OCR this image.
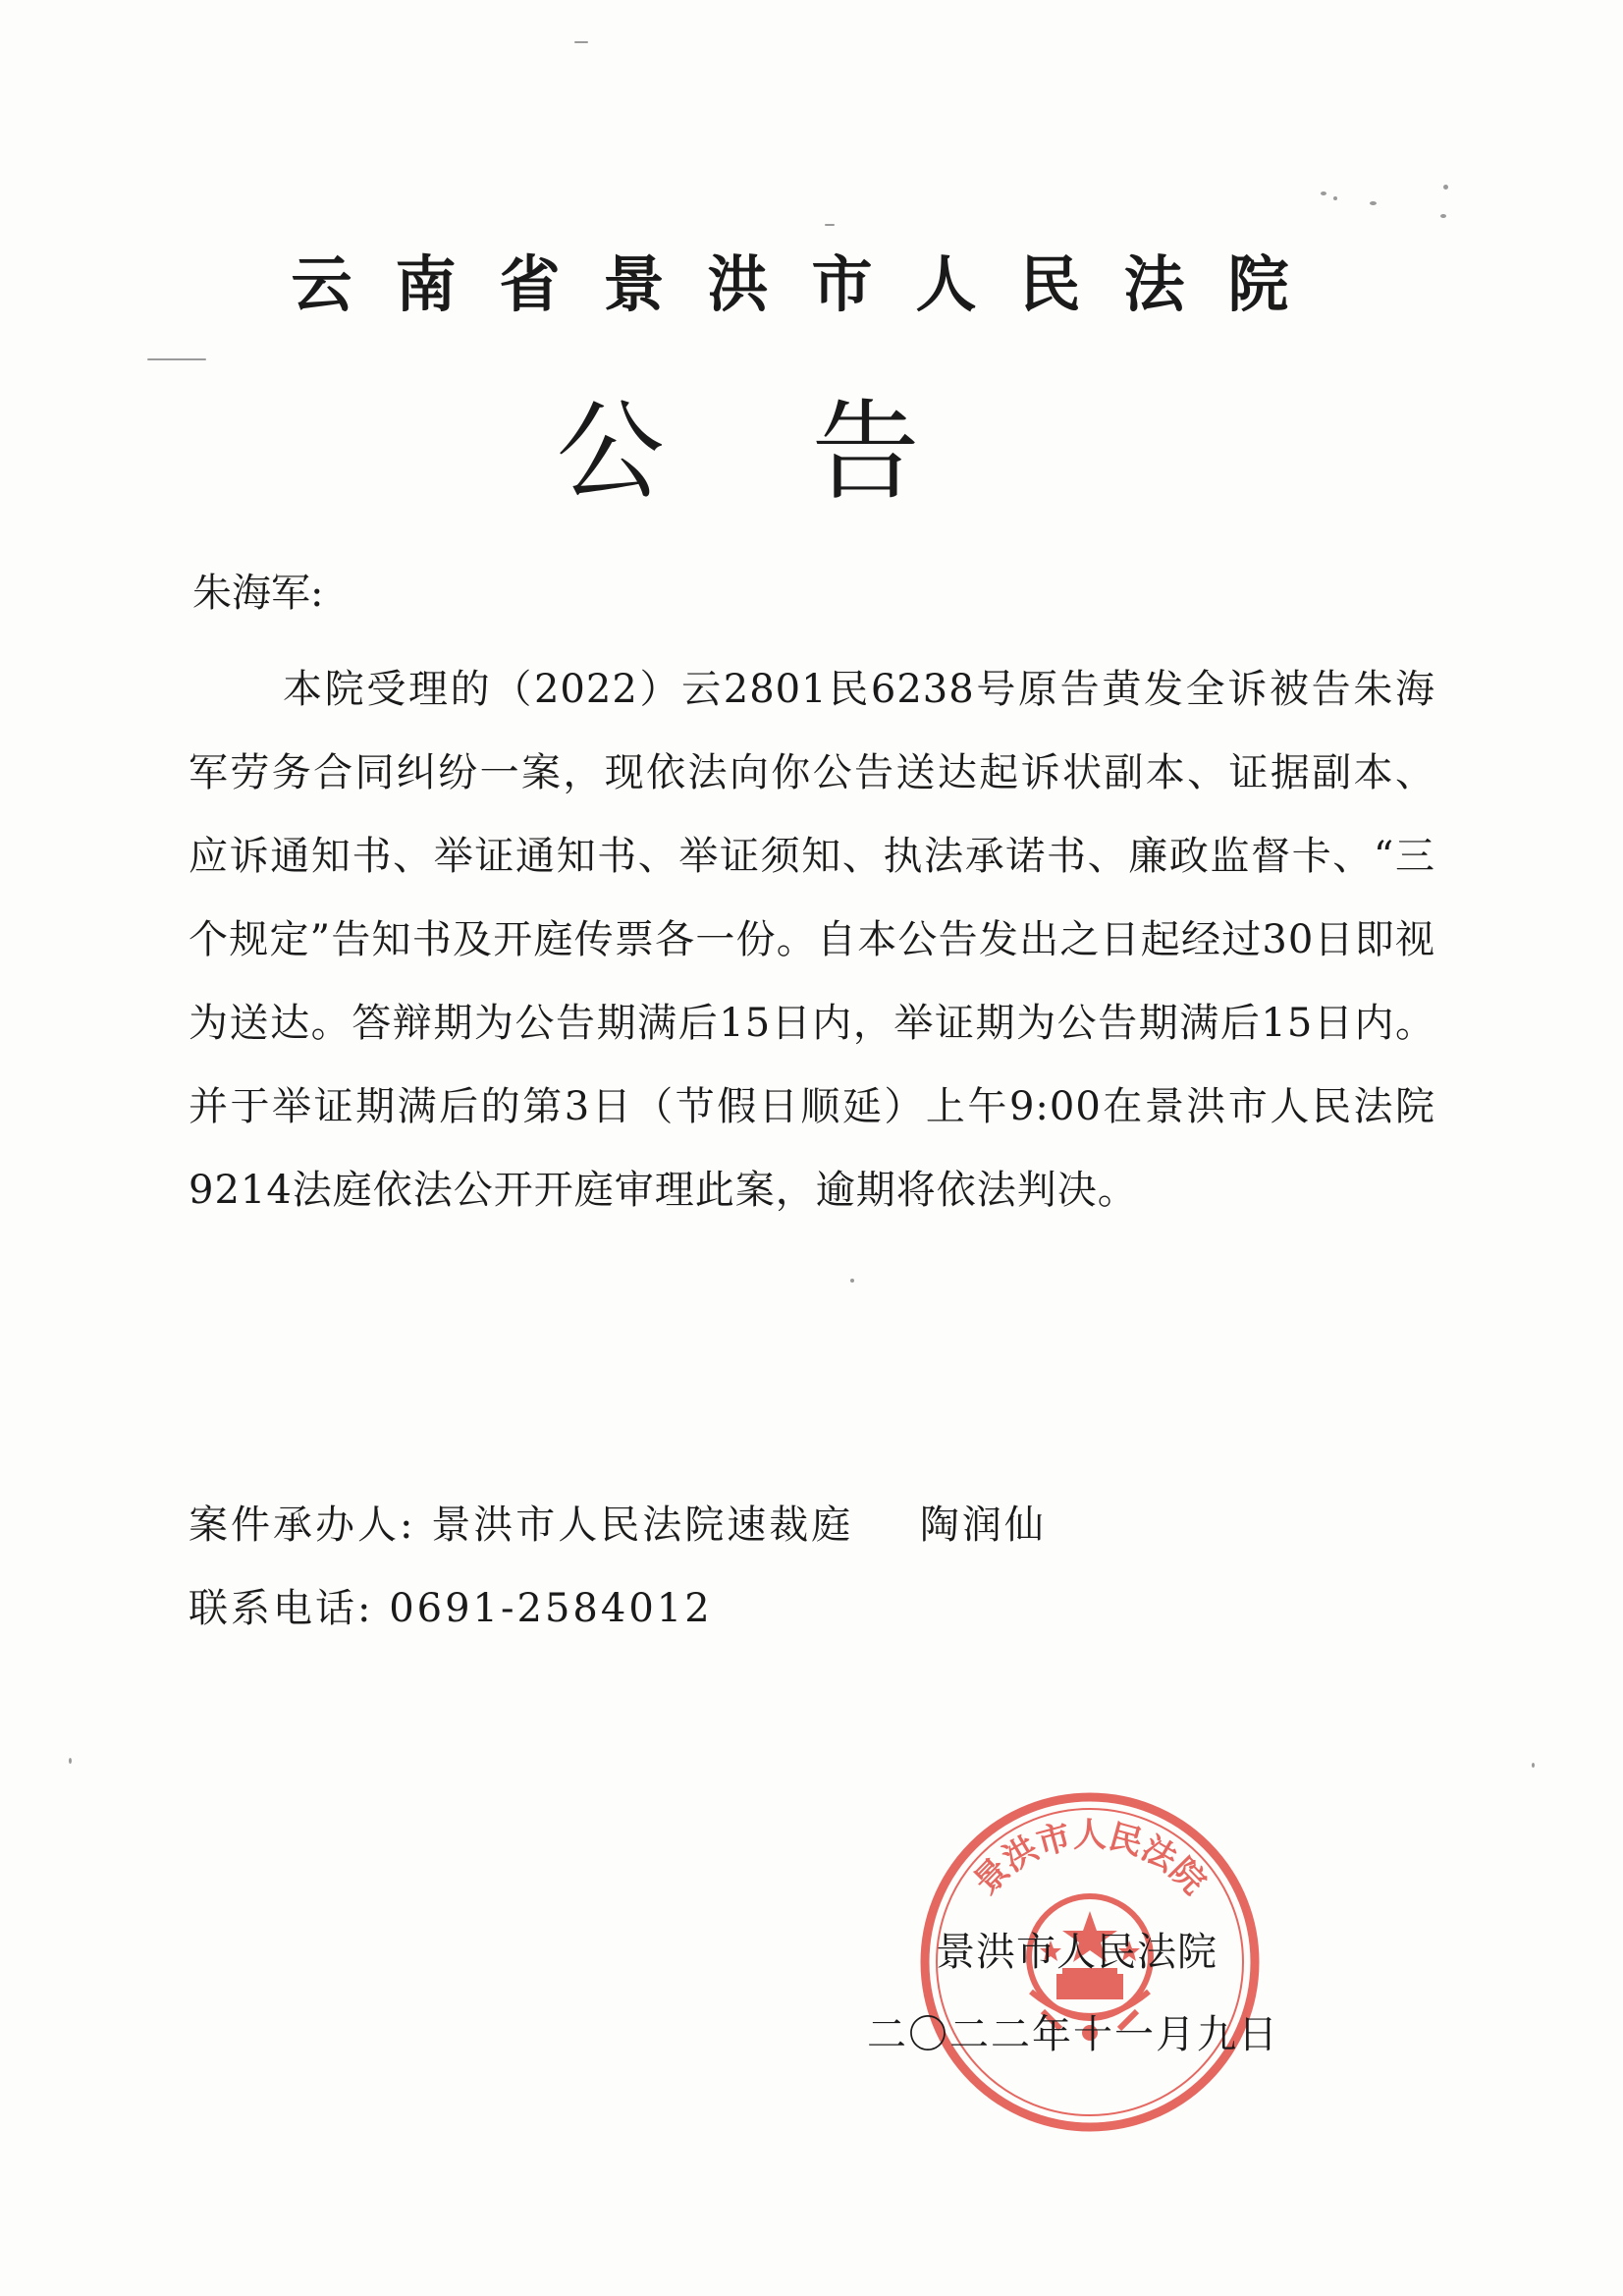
云南省景洪市人民法院
公告
朱海军:

本院受理的（2022）云2801民6238号原告黄发全诉被告朱海军劳务合同纠纷一案，现依法向你公告送达起诉状副本、证据副本、应诉通知书、举证通知书、举证须知、执法承诺书、廉政监督卡、“三个规定”告知书及开庭传票各一份。自本公告发出之日起经过30日即视为送达。答辩期为公告期满后15日内，举证期为公告期满后15日内。并于举证期满后的第3日（节假日顺延）上午9:00在景洪市人民法院9214法庭依法公开开庭审理此案，逾期将依法判决。

案件承办人: 景洪市人民法院速裁庭 陶润仙
联系电话: 0691-2584012
景洪市人民法院
景洪市人民法院
二〇二二年十一月九日
